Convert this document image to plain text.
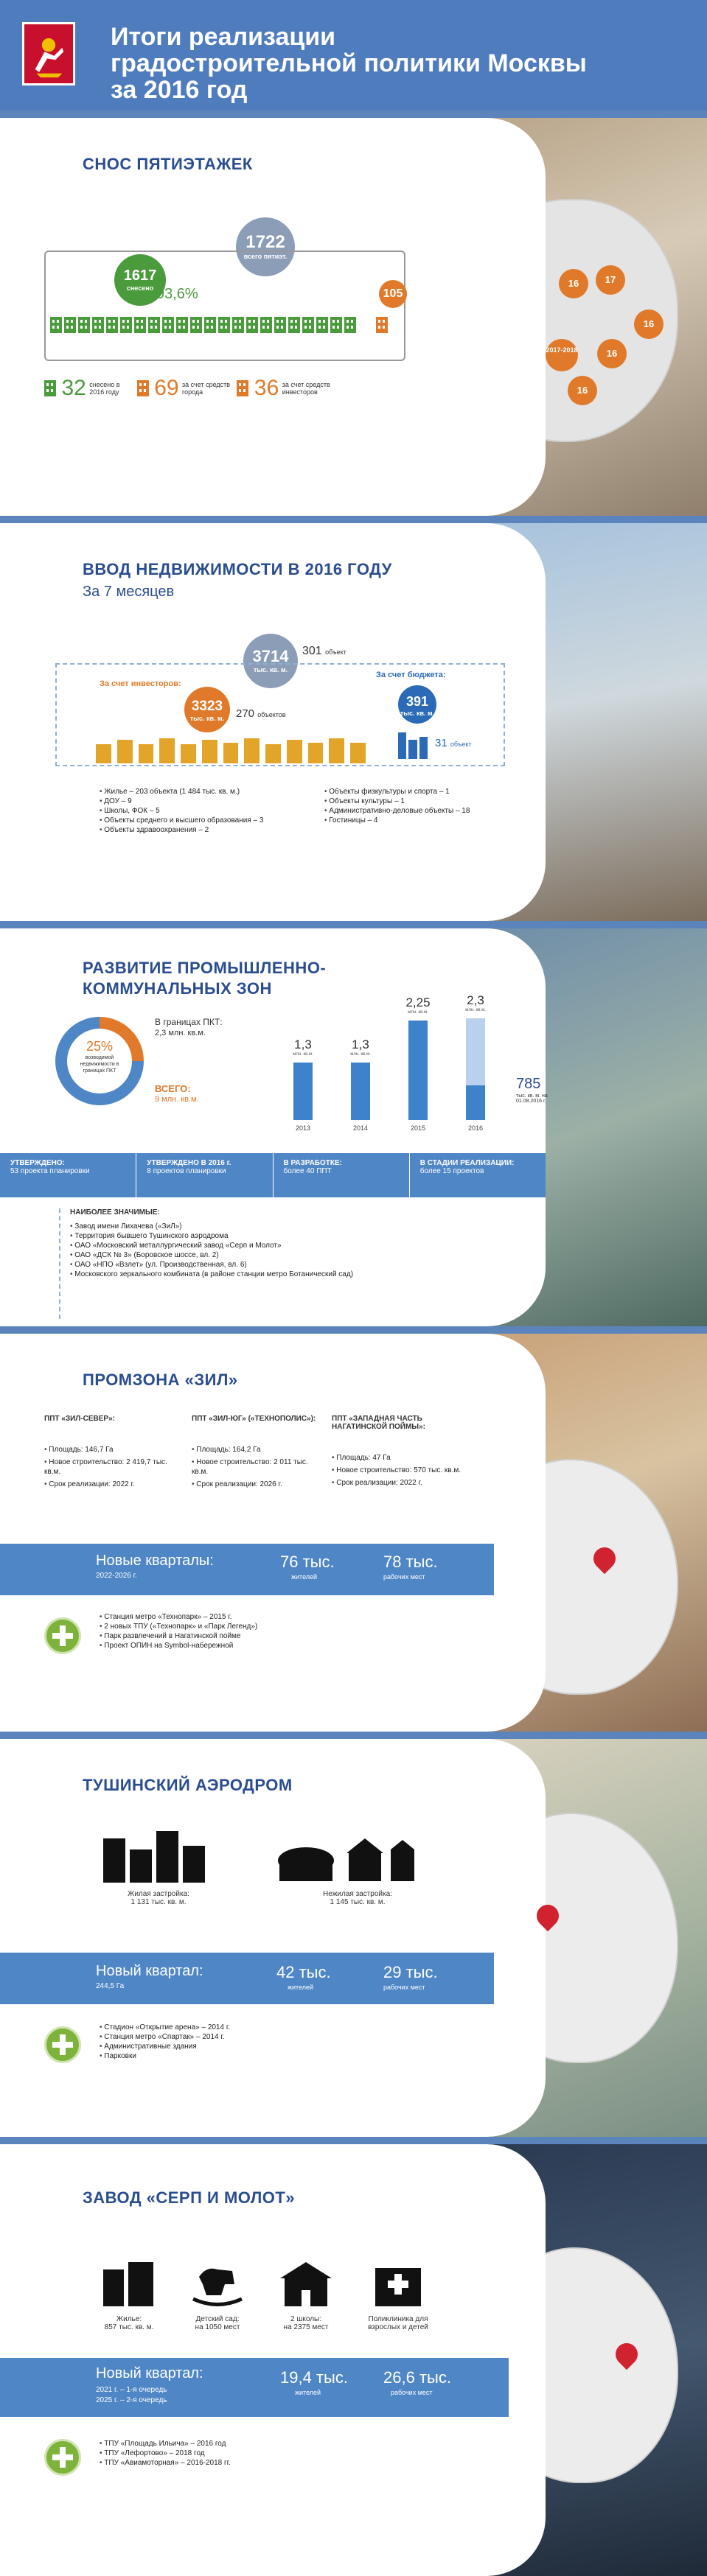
Итоги реализации
градостроительной политики Москвы
за 2016 год
СНОС ПЯТИЭТАЖЕК
1722
всего пятиэт.
1617
снесено 93,6%	105
32 снесено в 2016 году 69 за счет средств города 36 за счет средств инвесторов
16	17
16
16
2017-2018
16
ВВОД НЕДВИЖИМОСТИ В 2016 ГОДУ
За 7 месяцев
3714
тыс. кв. м.
301 объект
За счет инвесторов:
3323
тыс. кв. м.	270 объектов
За счет бюджета:
391
тыс. кв. м.
31 объект
• Жилье – 203 объекта (1 484 тыс. кв. м.)
• ДОУ – 9
• Школы, ФОК – 5
• Объекты среднего и высшего образования – 3
• Объекты здравоохранения – 2
• Объекты физкультуры и спорта – 1
• Объекты культуры – 1
• Административно-деловые объекты – 18
• Гостиницы – 4
РАЗВИТИЕ ПРОМЫШЛЕННО-
КОММУНАЛЬНЫХ ЗОН
25%
возводимой недвижимости в границах ПКТ
В границах ПКТ:
2,3 млн. кв.м.
ВСЕГО:
9 млн. кв.м.
1,3
млн. кв.м.
2013
1,3
млн. кв.м.
2014
2,25
млн. кв.м.
2015
2,3
млн. кв.м.
2016
785
тыс. кв. м. на 01.08.2016 г.
УТВЕРЖДЕНО:
53 проекта планировки
УТВЕРЖДЕНО В 2016 г.
8 проектов планировки
В РАЗРАБОТКЕ:
более 40 ППТ
В СТАДИИ РЕАЛИЗАЦИИ:
более 15 проектов
НАИБОЛЕЕ ЗНАЧИМЫЕ:
• Завод имени Лихачева («ЗиЛ»)
• Территория бывшего Тушинского аэродрома
• ОАО «Московский металлургический завод «Серп и Молот»
• ОАО «ДСК № 3» (Боровское шоссе, вл. 2)
• ОАО «НПО «Взлет» (ул. Производственная, вл. 6)
• Московского зеркального комбината (в районе станции метро Ботанический сад)
ПРОМЗОНА «ЗИЛ»
ППТ «ЗИЛ-СЕВЕР»:
• Площадь: 146,7 Га
• Новое строительство: 2 419,7 тыс. кв.м.
• Срок реализации: 2022 г.
ППТ «ЗИЛ-ЮГ» («ТЕХНОПОЛИС»):
• Площадь: 164,2 Га
• Новое строительство: 2 011 тыс. кв.м.
• Срок реализации: 2026 г.
ППТ «ЗАПАДНАЯ ЧАСТЬ НАГАТИНСКОЙ ПОЙМЫ»:
• Площадь: 47 Га
• Новое строительство: 570 тыс. кв.м.
• Срок реализации: 2022 г.
Новые кварталы:
2022-2026 г.
76 тыс.
жителей
78 тыс.
рабочих мест
• Станция метро «Технопарк» – 2015 г.
• 2 новых ТПУ («Технопарк» и «Парк Легенд»)
• Парк развлечений в Нагатинской пойме
• Проект ОПИН на Symbol-набережной
ТУШИНСКИЙ АЭРОДРОМ
Жилая застройка:
1 131 тыс. кв. м.
Нежилая застройка:
1 145 тыс. кв. м.
Новый квартал:
244,5 Га
42 тыс.
жителей
29 тыс.
рабочих мест
• Стадион «Открытие арена» – 2014 г.
• Станция метро «Спартак» – 2014 г.
• Административные здания
• Парковки
ЗАВОД «СЕРП И МОЛОТ»
Жилье:
857 тыс. кв. м.
Детский сад:
на 1050 мест
2 школы:
на 2375 мест
Поликлиника для
взрослых и детей
Новый квартал:
2021 г. – 1-я очередь
2025 г. – 2-я очередь
19,4 тыс.
жителей
26,6 тыс.
рабочих мест
• ТПУ «Площадь Ильича» – 2016 год
• ТПУ «Лефортово» – 2018 год
• ТПУ «Авиамоторная» – 2016-2018 гг.
